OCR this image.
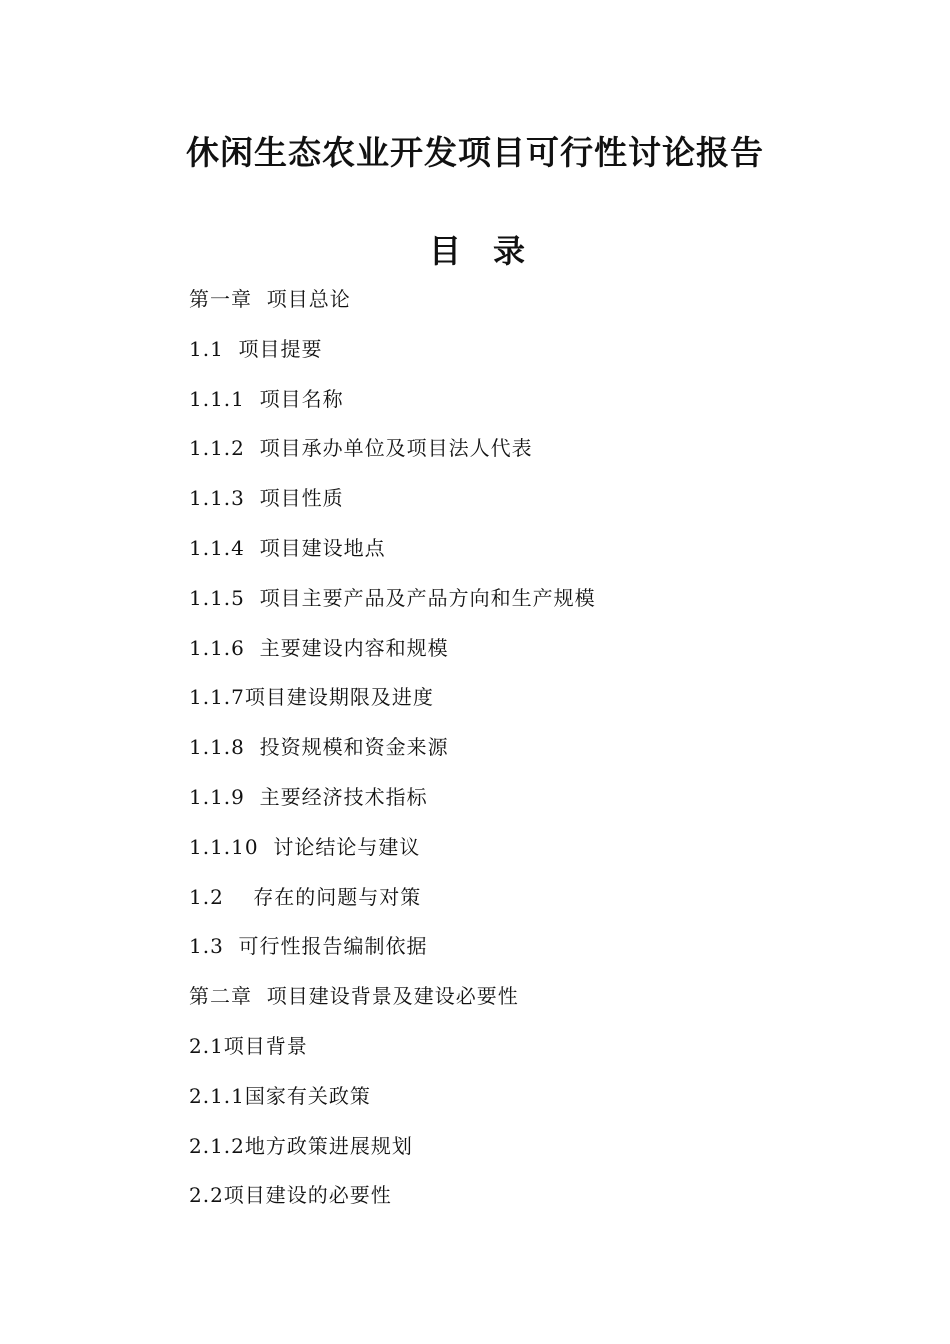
休闲生态农业开发项目可行性讨论报告
目　录
第一章  项目总论
1.1  项目提要
1.1.1  项目名称
1.1.2  项目承办单位及项目法人代表
1.1.3  项目性质
1.1.4  项目建设地点
1.1.5  项目主要产品及产品方向和生产规模
1.1.6  主要建设内容和规模
1.1.7项目建设期限及进度
1.1.8  投资规模和资金来源
1.1.9  主要经济技术指标
1.1.10  讨论结论与建议
1.2    存在的问题与对策
1.3  可行性报告编制依据
第二章  项目建设背景及建设必要性
2.1项目背景
2.1.1国家有关政策
2.1.2地方政策进展规划
2.2项目建设的必要性
